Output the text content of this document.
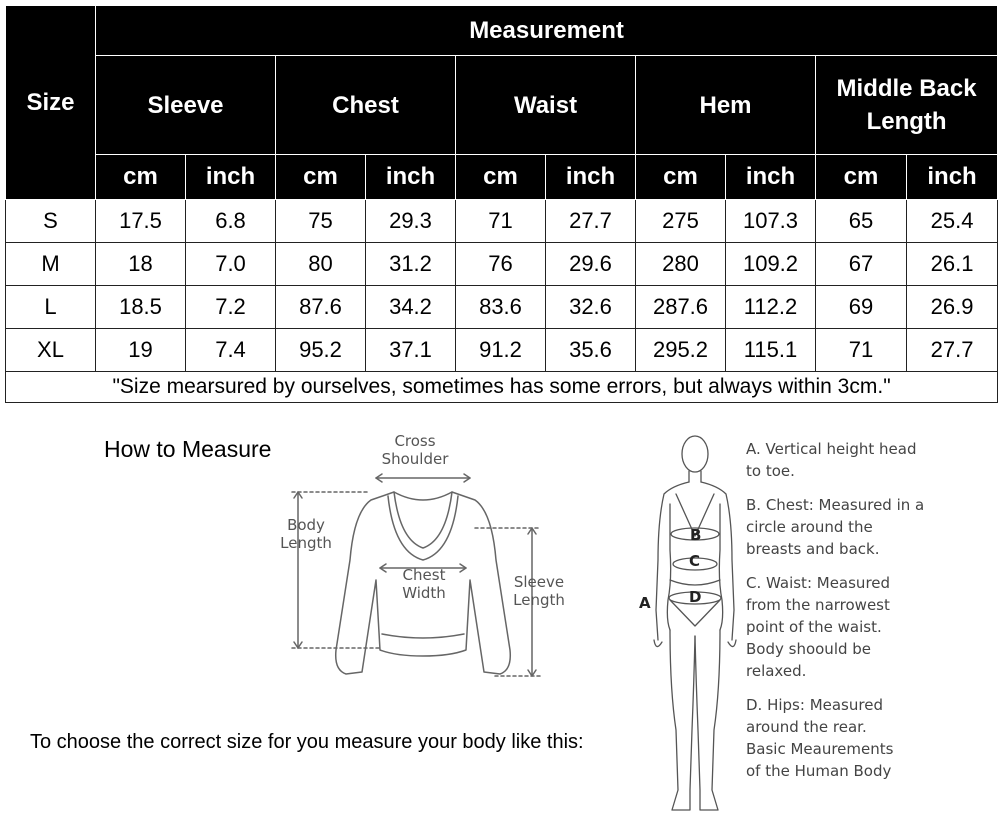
Size	Measurement									
	Sleeve		Chest		Waist		Hem		Middle Back
Length	
	cm	inch	cm	inch	cm	inch	cm	inch	cm	inch
S	17.5	6.8	75	29.3	71	27.7	275	107.3	65	25.4
M	18	7.0	80	31.2	76	29.6	280	109.2	67	26.1
L	18.5	7.2	87.6	34.2	83.6	32.6	287.6	112.2	69	26.9
XL	19	7.4	95.2	37.1	91.2	35.6	295.2	115.1	71	27.7
"Size mearsured by ourselves, sometimes has some errors, but always within 3cm."										
How to Measure
To choose the correct size for you measure your body like this:
Cross
Shoulder
Body
Length
Chest
Width
Sleeve
Length	A
B
C
D
A. Vertical height head
to toe.
B. Chest: Measured in a
circle around the
breasts and back.
C. Waist: Measured
from the narrowest
point of the waist.
Body shoould be
relaxed.
D. Hips: Measured
around the rear.
Basic Meaurements
of the Human Body
